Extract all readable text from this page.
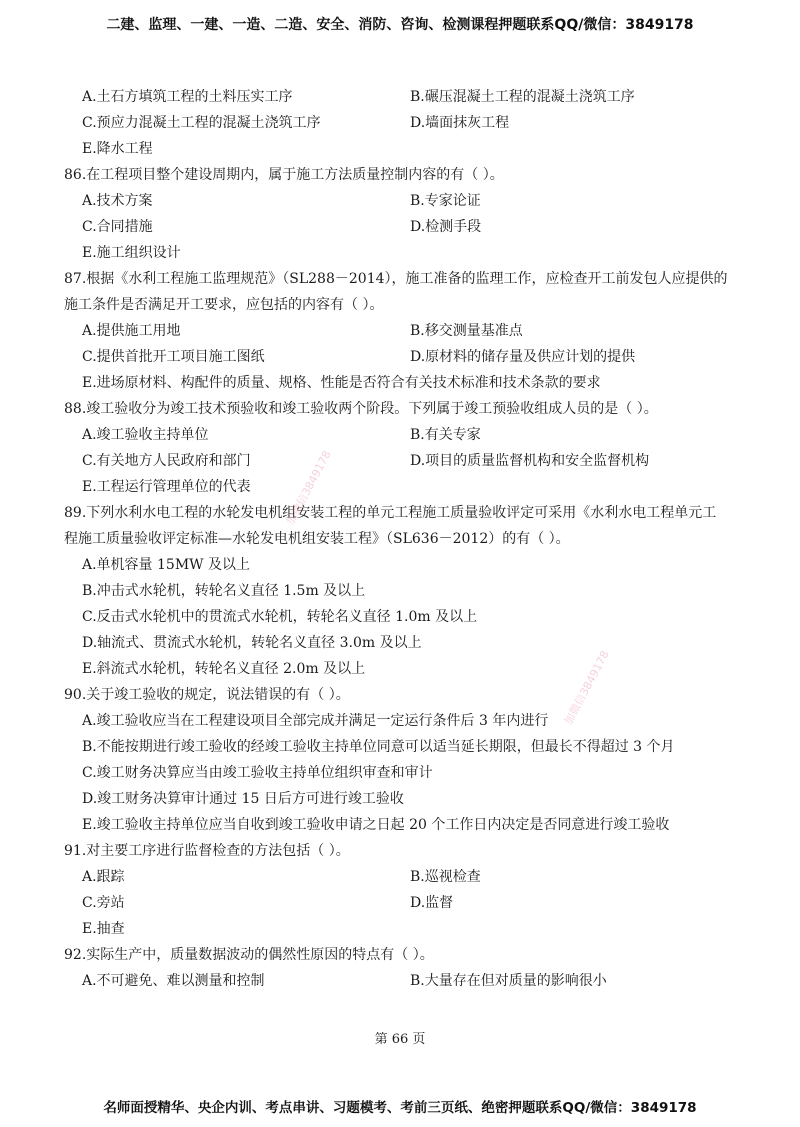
二建、监理、一建、一造、二造、安全、消防、咨询、检测课程押题联系QQ/微信：3849178
A.土石方填筑工程的土料压实工序	B.碾压混凝土工程的混凝土浇筑工序
C.预应力混凝土工程的混凝土浇筑工序	D.墙面抹灰工程
E.降水工程
86.在工程项目整个建设周期内，属于施工方法质量控制内容的有（ ）。
A.技术方案	B.专家论证
C.合同措施	D.检测手段
E.施工组织设计
87.根据《水利工程施工监理规范》（SL288－2014），施工准备的监理工作，应检查开工前发包人应提供的
施工条件是否满足开工要求，应包括的内容有（ ）。
A.提供施工用地	B.移交测量基准点
C.提供首批开工项目施工图纸	D.原材料的储存量及供应计划的提供
E.进场原材料、构配件的质量、规格、性能是否符合有关技术标准和技术条款的要求
88.竣工验收分为竣工技术预验收和竣工验收两个阶段。下列属于竣工预验收组成人员的是（ ）。
A.竣工验收主持单位	B.有关专家
C.有关地方人民政府和部门	D.项目的质量监督机构和安全监督机构
E.工程运行管理单位的代表
89.下列水利水电工程的水轮发电机组安装工程的单元工程施工质量验收评定可采用《水利水电工程单元工
程施工质量验收评定标准—水轮发电机组安装工程》（SL636－2012）的有（ ）。
A.单机容量 15MW 及以上
B.冲击式水轮机，转轮名义直径 1.5m 及以上
C.反击式水轮机中的贯流式水轮机，转轮名义直径 1.0m 及以上
D.轴流式、贯流式水轮机，转轮名义直径 3.0m 及以上
E.斜流式水轮机，转轮名义直径 2.0m 及以上
90.关于竣工验收的规定，说法错误的有（ ）。
A.竣工验收应当在工程建设项目全部完成并满足一定运行条件后 3 年内进行
B.不能按期进行竣工验收的经竣工验收主持单位同意可以适当延长期限，但最长不得超过 3 个月
C.竣工财务决算应当由竣工验收主持单位组织审查和审计
D.竣工财务决算审计通过 15 日后方可进行竣工验收
E.竣工验收主持单位应当自收到竣工验收申请之日起 20 个工作日内决定是否同意进行竣工验收
91.对主要工序进行监督检查的方法包括（ ）。
A.跟踪	B.巡视检查
C.旁站	D.监督
E.抽查
92.实际生产中，质量数据波动的偶然性原因的特点有（ ）。
A.不可避免、难以测量和控制	B.大量存在但对质量的影响很小
加微信3849178
加微信3849178
第 66 页
名师面授精华、央企内训、考点串讲、习题模考、考前三页纸、绝密押题联系QQ/微信：3849178
